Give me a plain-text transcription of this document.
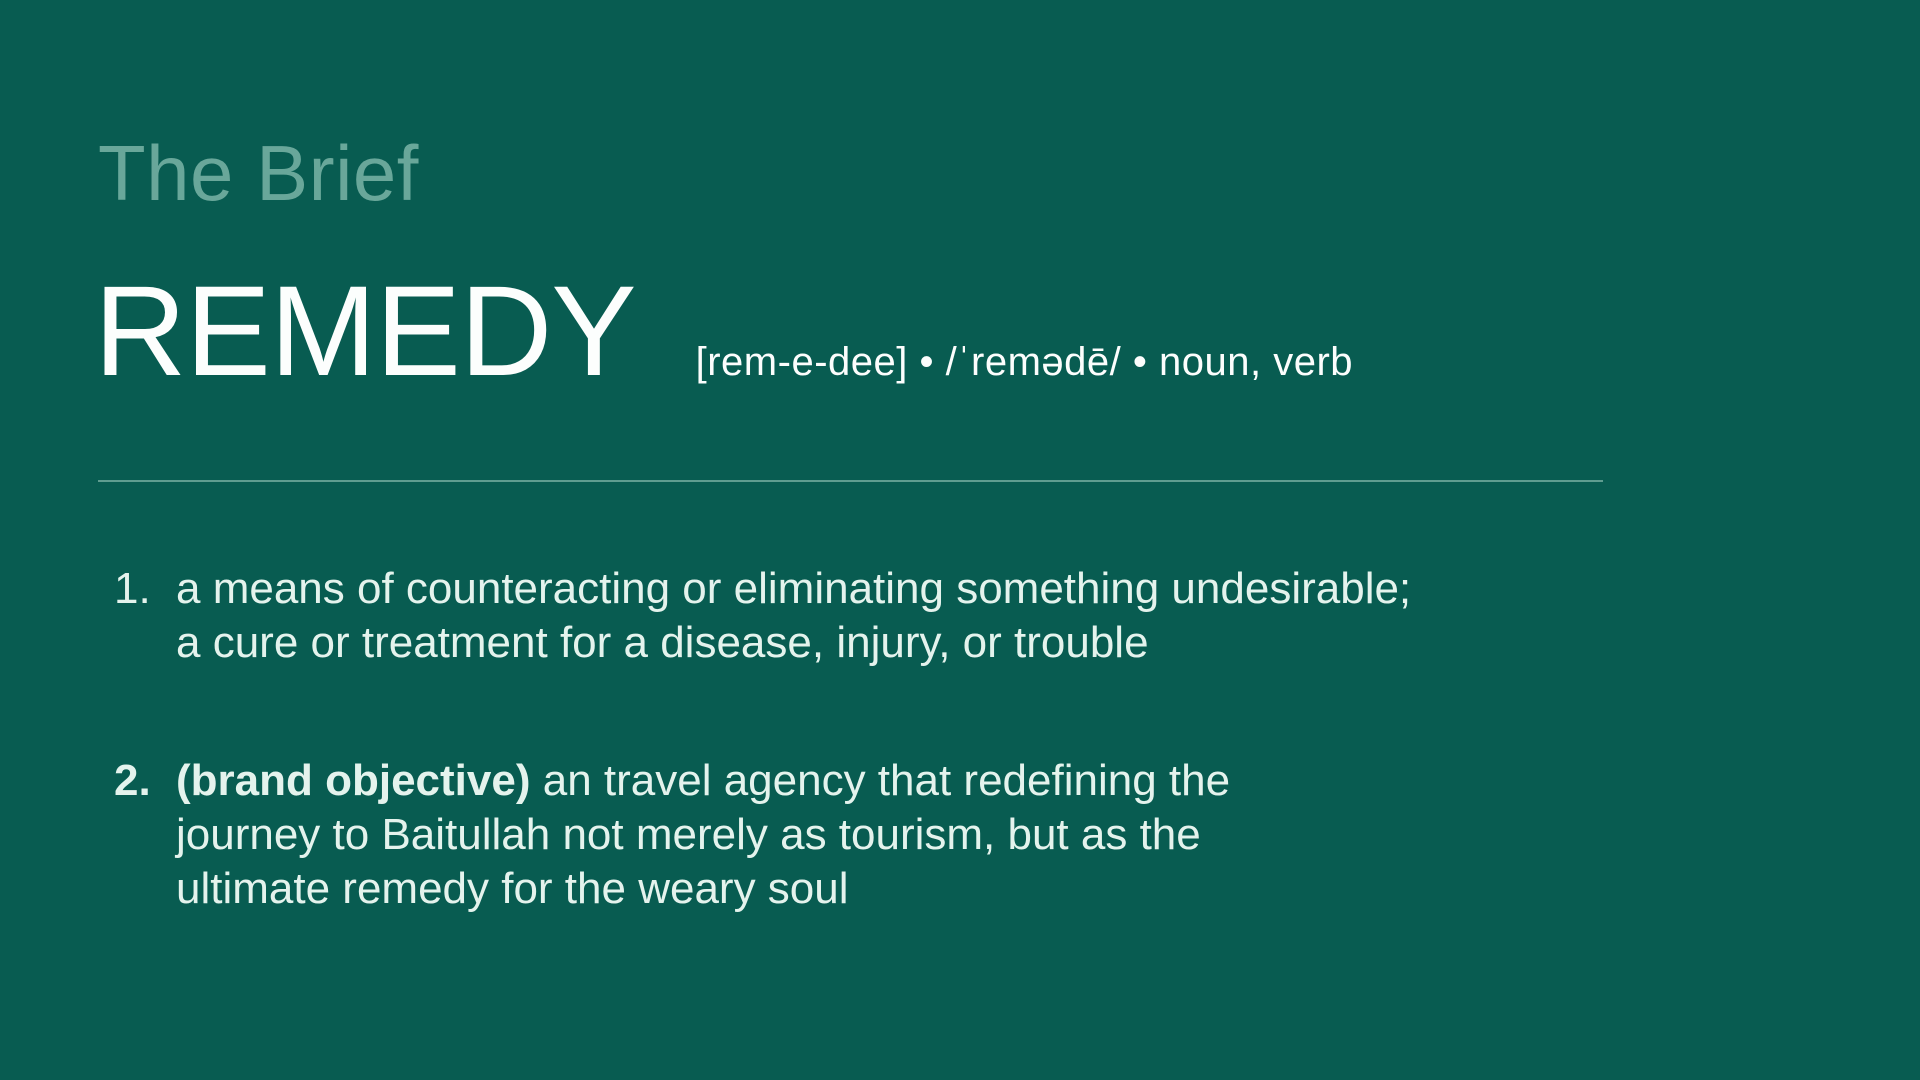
The Brief
REMEDY [rem-e-dee] • /ˈremədē/ • noun, verb
1. a means of counteracting or eliminating something undesirable;
a cure or treatment for a disease, injury, or trouble

2. (brand objective) an travel agency that redefining the
journey to Baitullah not merely as tourism, but as the
ultimate remedy for the weary soul
